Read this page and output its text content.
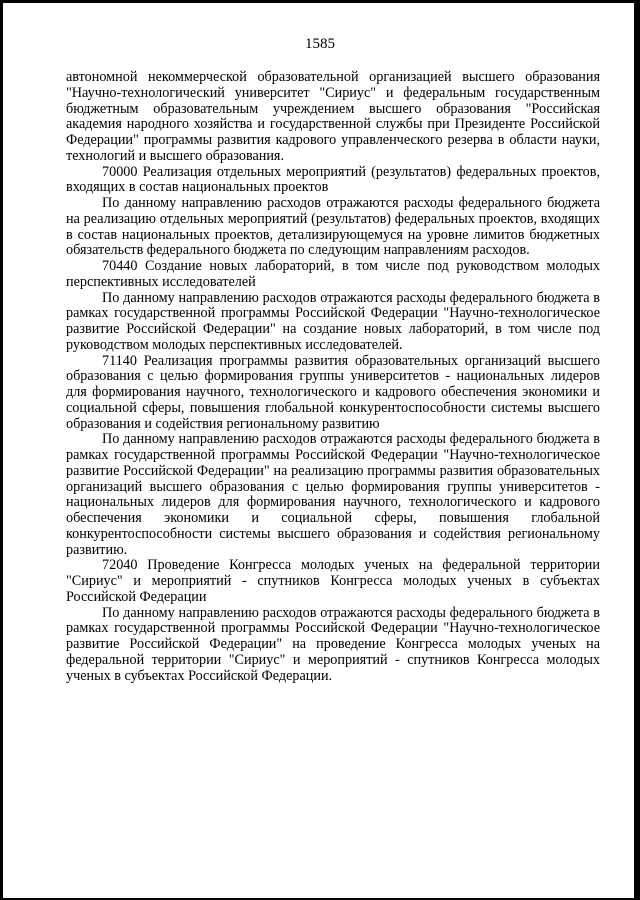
1585

автономной некоммерческой образовательной организацией высшего образования "Научно-технологический университет "Сириус" и федеральным государственным бюджетным образовательным учреждением высшего образования "Российская академия народного хозяйства и государственной службы при Президенте Российской Федерации" программы развития кадрового управленческого резерва в области науки, технологий и высшего образования.

70000 Реализация отдельных мероприятий (результатов) федеральных проектов, входящих в состав национальных проектов

По данному направлению расходов отражаются расходы федерального бюджета на реализацию отдельных мероприятий (результатов) федеральных проектов, входящих в состав национальных проектов, детализирующемуся на уровне лимитов бюджетных обязательств федерального бюджета по следующим направлениям расходов.

70440 Создание новых лабораторий, в том числе под руководством молодых перспективных исследователей

По данному направлению расходов отражаются расходы федерального бюджета в рамках государственной программы Российской Федерации "Научно-технологическое развитие Российской Федерации" на создание новых лабораторий, в том числе под руководством молодых перспективных исследователей.

71140 Реализация программы развития образовательных организаций высшего образования с целью формирования группы университетов - национальных лидеров для формирования научного, технологического и кадрового обеспечения экономики и социальной сферы, повышения глобальной конкурентоспособности системы высшего образования и содействия региональному развитию

По данному направлению расходов отражаются расходы федерального бюджета в рамках государственной программы Российской Федерации "Научно-технологическое развитие Российской Федерации" на реализацию программы развития образовательных организаций высшего образования с целью формирования группы университетов - национальных лидеров для формирования научного, технологического и кадрового обеспечения экономики и социальной сферы, повышения глобальной конкурентоспособности системы высшего образования и содействия региональному развитию.

72040 Проведение Конгресса молодых ученых на федеральной территории "Сириус" и мероприятий - спутников Конгресса молодых ученых в субъектах Российской Федерации

По данному направлению расходов отражаются расходы федерального бюджета в рамках государственной программы Российской Федерации "Научно-технологическое развитие Российской Федерации" на проведение Конгресса молодых ученых на федеральной территории "Сириус" и мероприятий - спутников Конгресса молодых ученых в субъектах Российской Федерации.
